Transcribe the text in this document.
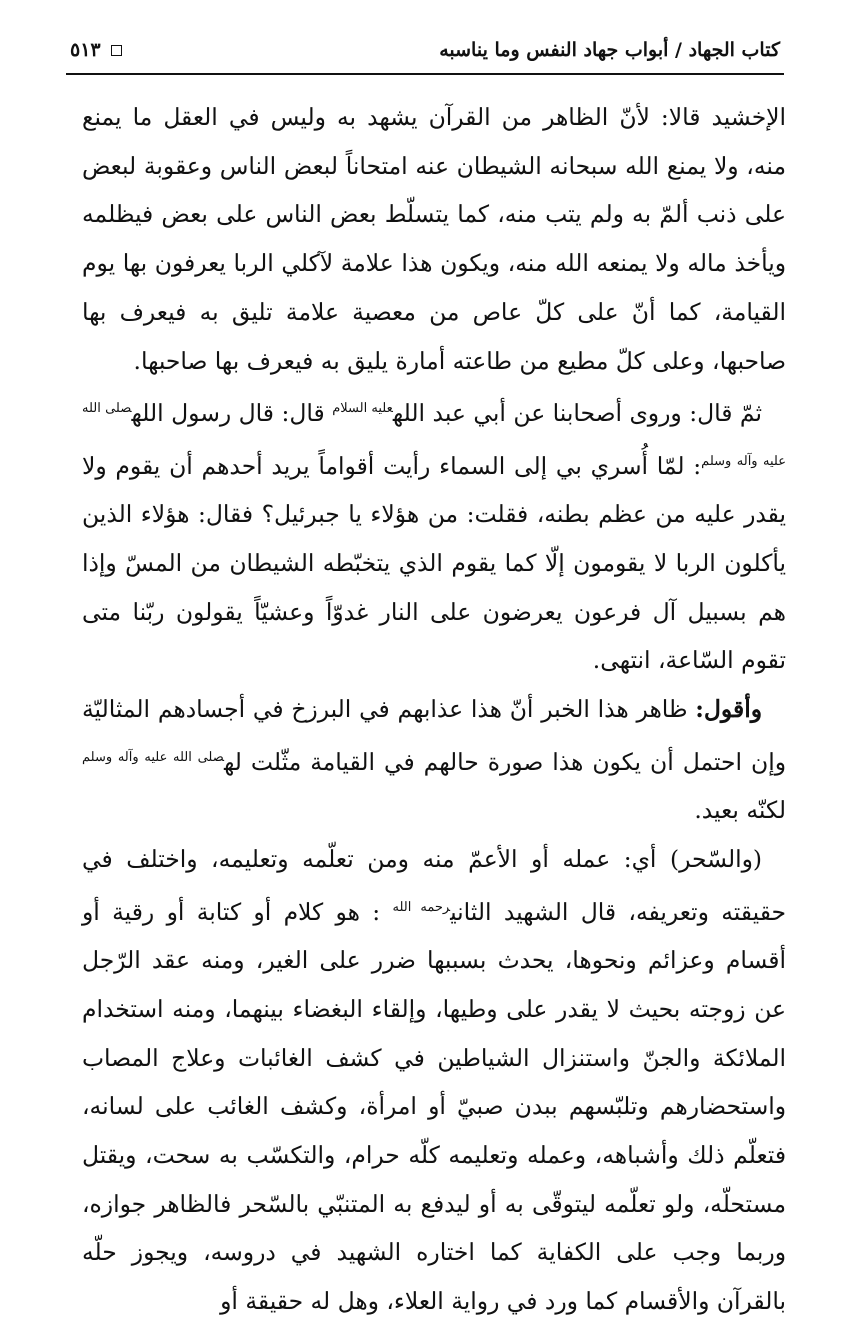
كتاب الجهاد / أبواب جهاد النفس وما يناسبه
٥١٣

الإخشيد قالا: لأنّ الظاهر من القرآن يشهد به وليس في العقل ما يمنع منه، ولا يمنع الله سبحانه الشيطان عنه امتحاناً لبعض الناس وعقوبة لبعض على ذنب ألمّ به ولم يتب منه، كما يتسلّط بعض الناس على بعض فيظلمه ويأخذ ماله ولا يمنعه الله منه، ويكون هذا علامة لآكلي الربا يعرفون بها يوم القيامة، كما أنّ على كلّ عاص من معصية علامة تليق به فيعرف بها صاحبها، وعلى كلّ مطيع من طاعته أمارة يليق به فيعرف بها صاحبها.

ثمّ قال: وروى أصحابنا عن أبي عبد الله$^{عليه السلام}$ قال: قال رسول الله$^{صلى الله عليه وآله وسلم}$: لمّا أُسري بي إلى السماء رأيت أقواماً يريد أحدهم أن يقوم ولا يقدر عليه من عظم بطنه، فقلت: من هؤلاء يا جبرئيل؟ فقال: هؤلاء الذين يأكلون الربا لا يقومون إلّا كما يقوم الذي يتخبّطه الشيطان من المسّ وإذا هم بسبيل آل فرعون يعرضون على النار غدوّاً وعشيّاً يقولون ربّنا متى تقوم السّاعة، انتهى.

وأقول: ظاهر هذا الخبر أنّ هذا عذابهم في البرزخ في أجسادهم المثاليّة وإن احتمل أن يكون هذا صورة حالهم في القيامة مثّلت له$^{صلى الله عليه وآله وسلم}$ لكنّه بعيد.

(والسّحر) أي: عمله أو الأعمّ منه ومن تعلّمه وتعليمه، واختلف في حقيقته وتعريفه، قال الشهيد الثاني$^{رحمه الله}$ : هو كلام أو كتابة أو رقية أو أقسام وعزائم ونحوها، يحدث بسببها ضرر على الغير، ومنه عقد الرّجل عن زوجته بحيث لا يقدر على وطيها، وإلقاء البغضاء بينهما، ومنه استخدام الملائكة والجنّ واستنزال الشياطين في كشف الغائبات وعلاج المصاب واستحضارهم وتلبّسهم ببدن صبيّ أو امرأة، وكشف الغائب على لسانه، فتعلّم ذلك وأشباهه، وعمله وتعليمه كلّه حرام، والتكسّب به سحت، ويقتل مستحلّه، ولو تعلّمه ليتوقّى به أو ليدفع به المتنبّي بالسّحر فالظاهر جوازه، وربما وجب على الكفاية كما اختاره الشهيد في دروسه، ويجوز حلّه بالقرآن والأقسام كما ورد في رواية العلاء، وهل له حقيقة أو
